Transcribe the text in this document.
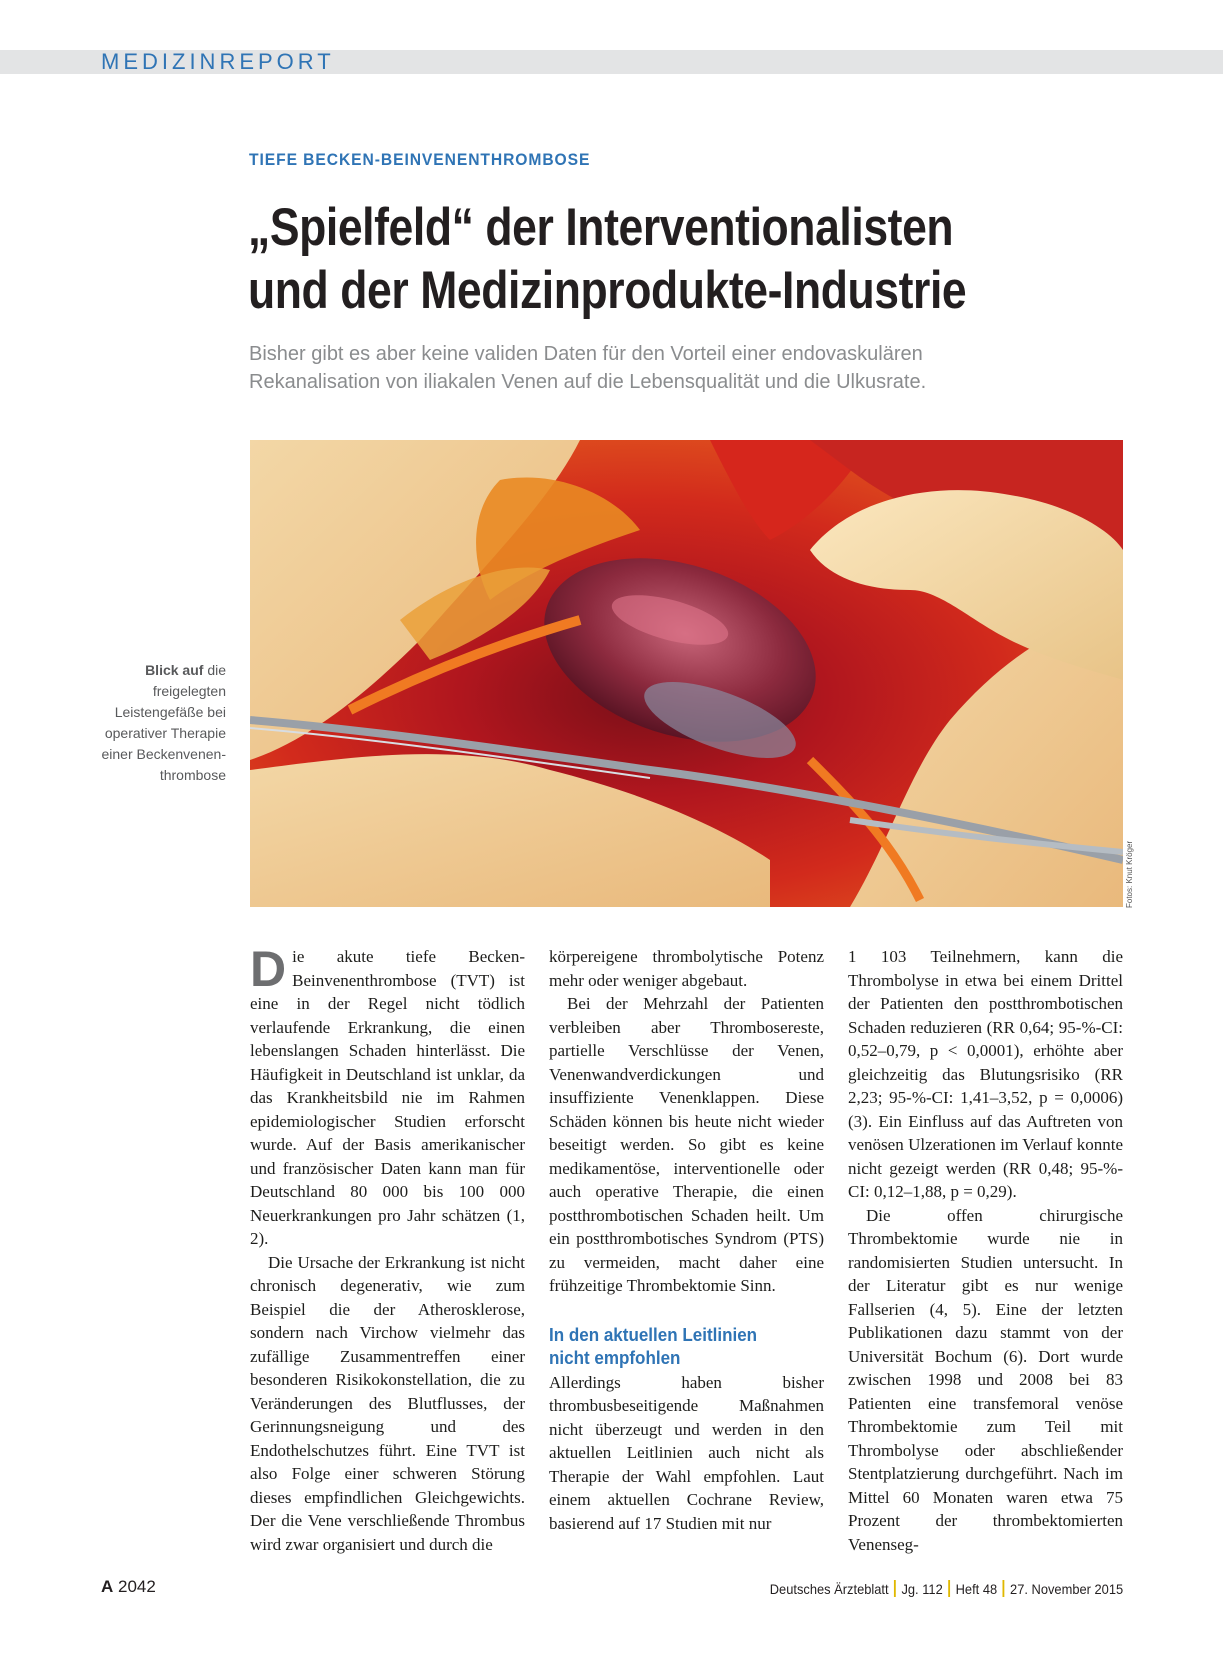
MEDIZINREPORT
TIEFE BECKEN-BEINVENENTHROMBOSE
„Spielfeld“ der Interventionalisten
und der Medizinprodukte-Industrie
Bisher gibt es aber keine validen Daten für den Vorteil einer endovaskulären
Rekanalisation von iliakalen Venen auf die Lebensqualität und die Ulkusrate.
Blick auf die
freigelegten
Leistengefäße bei
operativer Therapie
einer Beckenvenen-
thrombose
Fotos: Knut Kröger
D ie akute tiefe Becken-Beinvenenthrombose (TVT) ist eine in der Regel nicht tödlich verlaufende Erkrankung, die einen lebenslangen Schaden hinterlässt. Die Häufigkeit in Deutschland ist unklar, da das Krankheitsbild nie im Rahmen epidemiologischer Studien erforscht wurde. Auf der Basis amerikanischer und französischer Daten kann man für Deutschland 80 000 bis 100 000 Neuerkrankungen pro Jahr schätzen (1, 2).

Die Ursache der Erkrankung ist nicht chronisch degenerativ, wie zum Beispiel die der Atherosklerose, sondern nach Virchow vielmehr das zufällige Zusammentreffen einer besonderen Risikokonstellation, die zu Veränderungen des Blutflusses, der Gerinnungsneigung und des Endothelschutzes führt. Eine TVT ist also Folge einer schweren Störung dieses empfindlichen Gleichgewichts. Der die Vene verschließende Thrombus wird zwar organisiert und durch die

körpereigene thrombolytische Potenz mehr oder weniger abgebaut.

Bei der Mehrzahl der Patienten verbleiben aber Thrombosereste, partielle Verschlüsse der Venen, Venenwandverdickungen und insuffiziente Venenklappen. Diese Schäden können bis heute nicht wieder beseitigt werden. So gibt es keine medikamentöse, interventionelle oder auch operative Therapie, die einen postthrombotischen Schaden heilt. Um ein postthrombotisches Syndrom (PTS) zu vermeiden, macht daher eine frühzeitige Thrombektomie Sinn.

In den aktuellen Leitlinien
nicht empfohlen

Allerdings haben bisher thrombusbeseitigende Maßnahmen nicht überzeugt und werden in den aktuellen Leitlinien auch nicht als Therapie der Wahl empfohlen. Laut einem aktuellen Cochrane Review, basierend auf 17 Studien mit nur

1 103 Teilnehmern, kann die Thrombolyse in etwa bei einem Drittel der Patienten den postthrombotischen Schaden reduzieren (RR 0,64; 95-%-CI: 0,52–0,79, p < 0,0001), erhöhte aber gleichzeitig das Blutungsrisiko (RR 2,23; 95-%-CI: 1,41–3,52, p = 0,0006) (3). Ein Einfluss auf das Auftreten von venösen Ulzerationen im Verlauf konnte nicht gezeigt werden (RR 0,48; 95-%-CI: 0,12–1,88, p = 0,29).

Die offen chirurgische Thrombektomie wurde nie in randomisierten Studien untersucht. In der Literatur gibt es nur wenige Fallserien (4, 5). Eine der letzten Publikationen dazu stammt von der Universität Bochum (6). Dort wurde zwischen 1998 und 2008 bei 83 Patienten eine transfemoral venöse Thrombektomie zum Teil mit Thrombolyse oder abschließender Stentplatzierung durchgeführt. Nach im Mittel 60 Monaten waren etwa 75 Prozent der thrombektomierten Venenseg-

A 2042	Deutsches Ärzteblatt Jg. 112 Heft 48 27. November 2015
